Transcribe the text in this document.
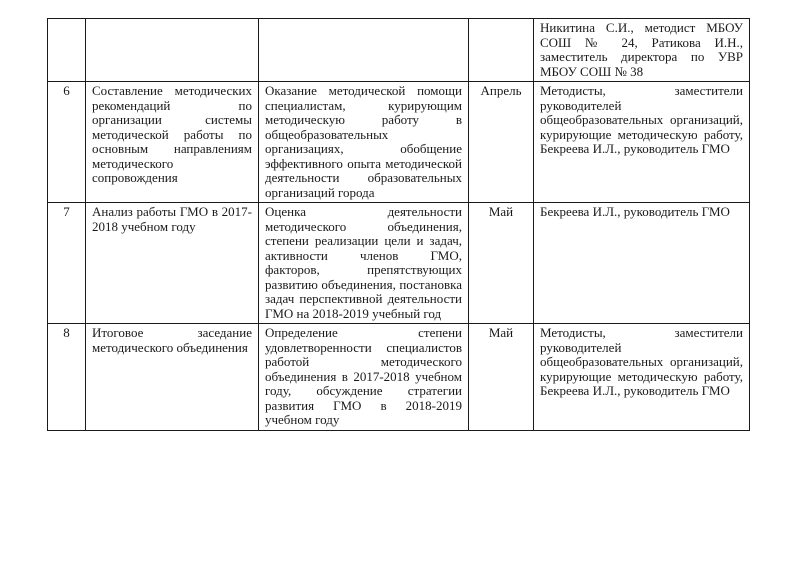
				Никитина С.И., методист МБОУ СОШ № 24, Ратикова И.Н., заместитель директора по УВР МБОУ СОШ № 38
6	Составление методических рекомендаций по организации системы методической работы по основным направлениям методического сопровождения	Оказание методической помощи специалистам, курирующим методическую работу в общеобразовательных организациях, обобщение эффективного опыта методической деятельности образовательных организаций города	Апрель	Методисты, заместители руководителей общеобразовательных организаций, курирующие методическую работу, Бекреева И.Л., руководитель ГМО
7	Анализ работы ГМО в 2017-2018 учебном году	Оценка деятельности методического объединения, степени реализации цели и задач, активности членов ГМО, факторов, препятствующих развитию объединения, постановка задач перспективной деятельности ГМО на 2018-2019 учебный год	Май	Бекреева И.Л., руководитель ГМО
8	Итоговое заседание методического объединения	Определение степени удовлетворенности специалистов работой методического объединения в 2017-2018 учебном году, обсуждение стратегии развития ГМО в 2018-2019 учебном году	Май	Методисты, заместители руководителей общеобразовательных организаций, курирующие методическую работу, Бекреева И.Л., руководитель ГМО
